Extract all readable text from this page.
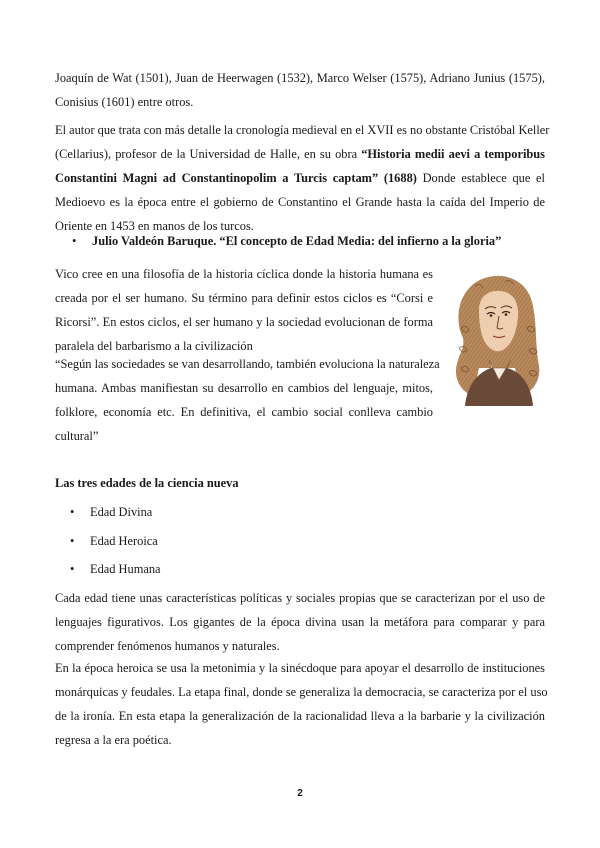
Joaquín de Wat (1501), Juan de Heerwagen (1532), Marco Welser (1575), Adriano Junius (1575),
Conisius (1601) entre otros.
El autor que trata con más detalle la cronología medieval en el XVII es no obstante Cristóbal Keller
(Cellarius), profesor de la Universidad de Halle, en su obra “Historia medii aevi a temporibus
Constantini Magni ad Constantinopolim a Turcis captam” (1688) Donde establece que el
Medioevo es la época entre el gobierno de Constantino el Grande hasta la caída del Imperio de
Oriente en 1453 en manos de los turcos.
•	Julio Valdeón Baruque. “El concepto de Edad Media: del infierno a la gloria”
Vico cree en una filosofía de la historia cíclica donde la historia humana es
creada por el ser humano. Su término para definir estos ciclos es “Corsi e
Ricorsi”. En estos ciclos, el ser humano y la sociedad evolucionan de forma
paralela del barbarismo a la civilización
“Según las sociedades se van desarrollando, también evoluciona la naturaleza
humana. Ambas manifiestan su desarrollo en cambios del lenguaje, mitos,
folklore, economía etc. En definitiva, el cambio social conlleva cambio
cultural”
Las tres edades de la ciencia nueva
•	Edad Divina
•	Edad Heroica
•	Edad Humana
Cada edad tiene unas características políticas y sociales propias que se caracterizan por el uso de
lenguajes figurativos. Los gigantes de la época divina usan la metáfora para comparar y para
comprender fenómenos humanos y naturales.
En la época heroica se usa la metonimia y la sinécdoque para apoyar el desarrollo de instituciones
monárquicas y feudales. La etapa final, donde se generaliza la democracia, se caracteriza por el uso
de la ironía. En esta etapa la generalización de la racionalidad lleva a la barbarie y la civilización
regresa a la era poética.
2
